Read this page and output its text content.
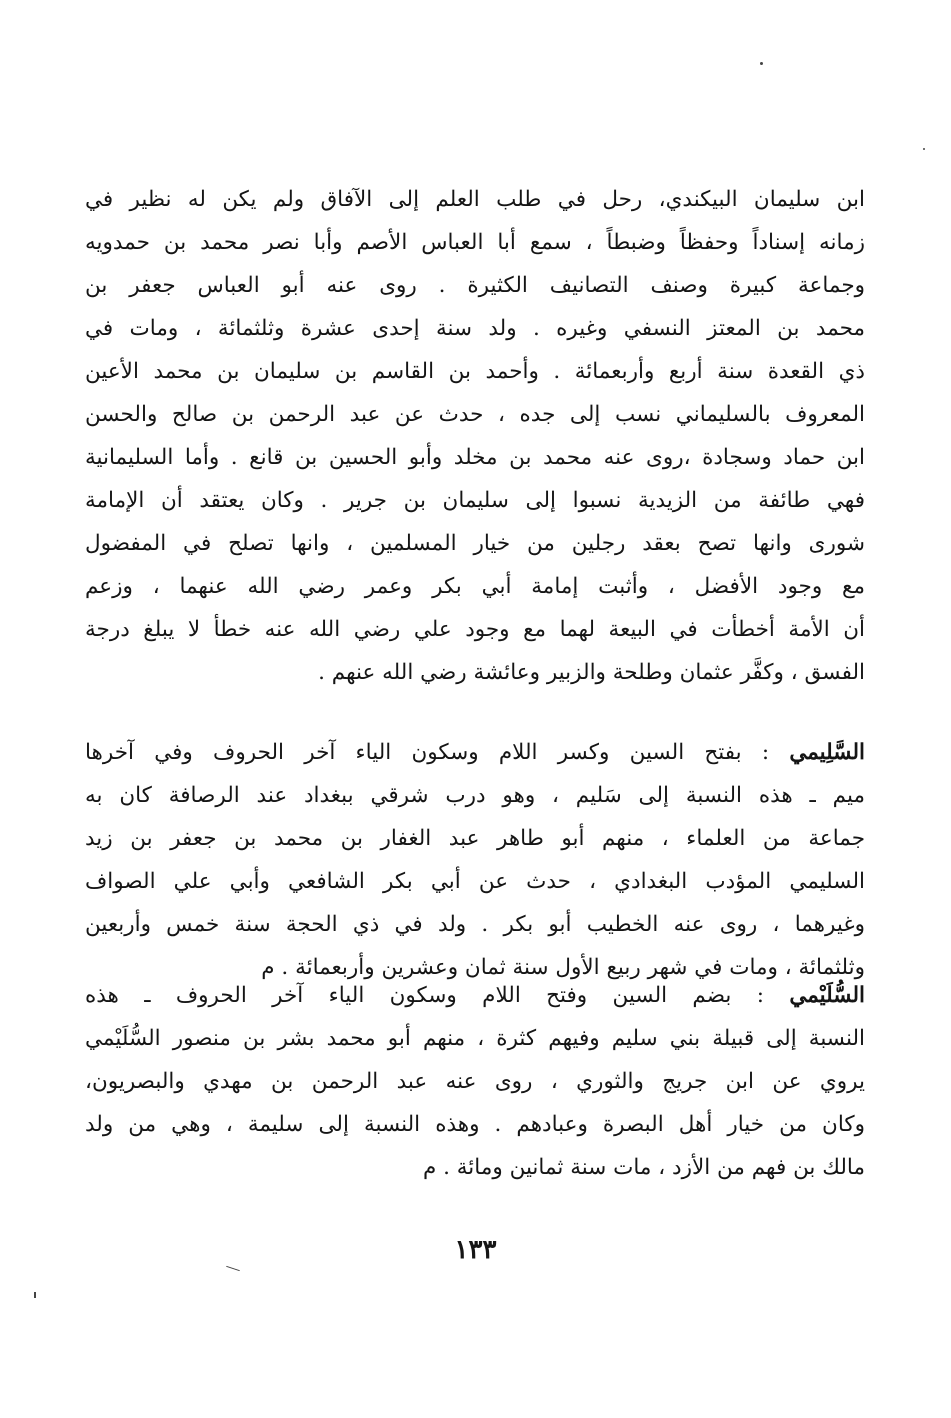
ابن سليمان البيكندي، رحل في طلب العلم إلى الآفاق ولم يكن له نظير في
زمانه إسناداً وحفظاً وضبطاً ، سمع أبا العباس الأصم وأبا نصر محمد بن حمدويه
وجماعة كبيرة وصنف التصانيف الكثيرة . روى عنه أبو العباس جعفر بن
محمد بن المعتز النسفي وغيره . ولد سنة إحدى عشرة وثلثمائة ، ومات في
ذي القعدة سنة أربع وأربعمائة . وأحمد بن القاسم بن سليمان بن محمد الأعين
المعروف بالسليماني نسب إلى جده ، حدث عن عبد الرحمن بن صالح والحسن
ابن حماد وسجادة ،روى عنه محمد بن مخلد وأبو الحسين بن قانع . وأما السليمانية
فهي طائفة من الزيدية نسبوا إلى سليمان بن جرير . وكان يعتقد أن الإمامة
شورى وانها تصح بعقد رجلين من خيار المسلمين ، وانها تصلح في المفضول
مع وجود الأفضل ، وأثبت إمامة أبي بكر وعمر رضي الله عنهما ، وزعم
أن الأمة أخطأت في البيعة لهما مع وجود علي رضي الله عنه خطأ لا يبلغ درجة
الفسق ، وكفَّر عثمان وطلحة والزبير وعائشة رضي الله عنهم .
السَّلِيمي : بفتح السين وكسر اللام وسكون الياء آخر الحروف وفي آخرها
ميم ـ هذه النسبة إلى سَليم ، وهو درب شرقي ببغداد عند الرصافة كان به
جماعة من العلماء ، منهم أبو طاهر عبد الغفار بن محمد بن جعفر بن زيد
السليمي المؤدب البغدادي ، حدث عن أبي بكر الشافعي وأبي علي الصواف
وغيرهما ، روى عنه الخطيب أبو بكر . ولد في ذي الحجة سنة خمس وأربعين
وثلثمائة ، ومات في شهر ربيع الأول سنة ثمان وعشرين وأربعمائة . م
السُّلَيْمي : بضم السين وفتح اللام وسكون الياء آخر الحروف ـ هذه
النسبة إلى قبيلة بني سليم وفيهم كثرة ، منهم أبو محمد بشر بن منصور السُّلَيْمي
يروي عن ابن جريج والثوري ، روى عنه عبد الرحمن بن مهدي والبصريون،
وكان من خيار أهل البصرة وعبادهم . وهذه النسبة إلى سليمة ، وهي من ولد
مالك بن فهم من الأزد ، مات سنة ثمانين ومائة . م
١٣٣
